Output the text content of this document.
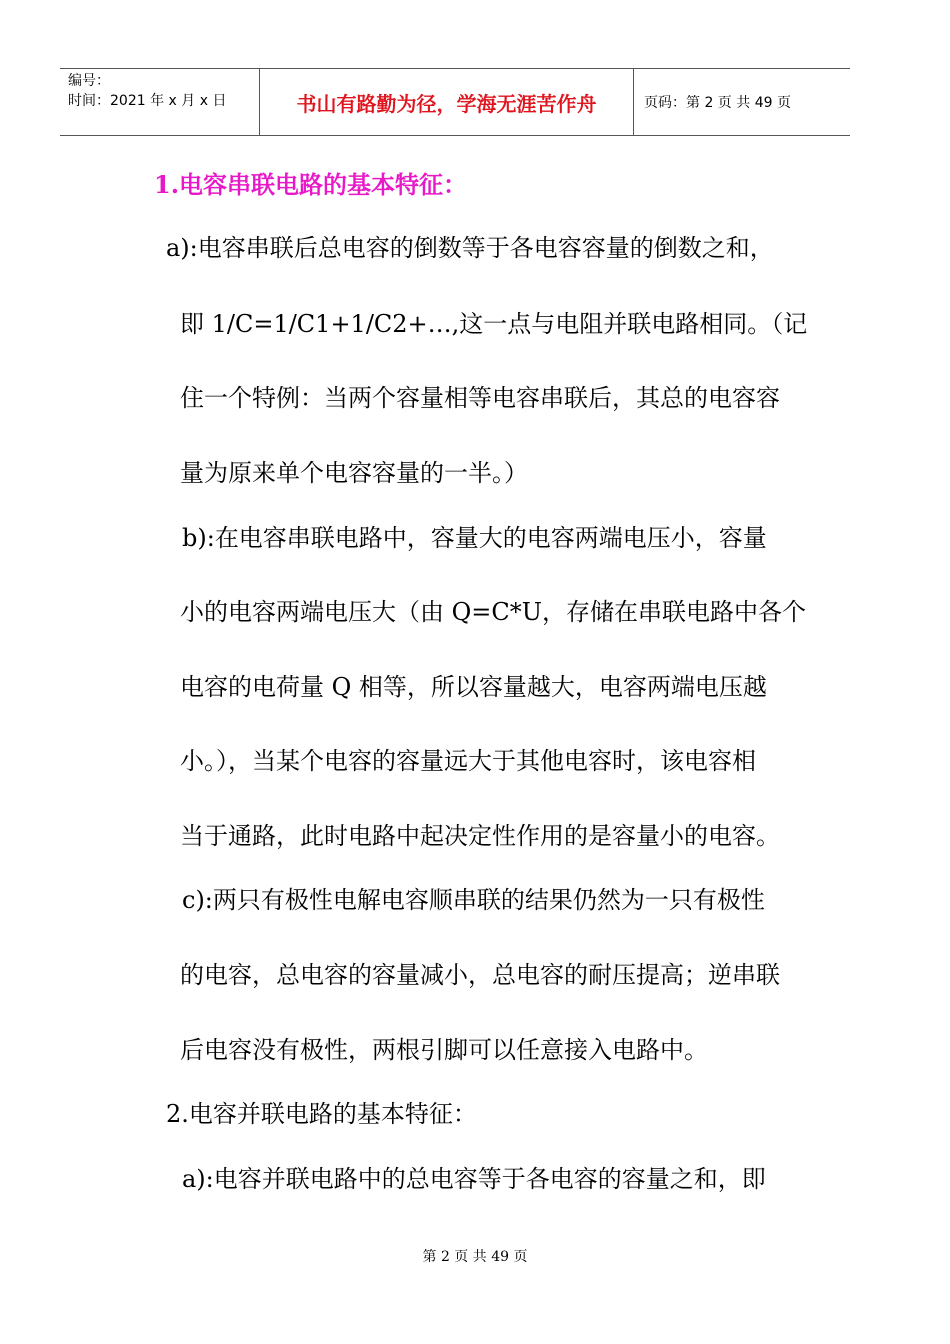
编号：
时间：2021 年 x 月 x 日	书山有路勤为径，学海无涯苦作舟	页码：第 2 页 共 49 页
1.电容串联电路的基本特征：
a):电容串联后总电容的倒数等于各电容容量的倒数之和，
即 1/C=1/C1+1/C2+…,这一点与电阻并联电路相同。（记
住一个特例：当两个容量相等电容串联后，其总的电容容
量为原来单个电容容量的一半。）
b):在电容串联电路中，容量大的电容两端电压小，容量
小的电容两端电压大（由 Q=C*U，存储在串联电路中各个
电容的电荷量 Q 相等，所以容量越大，电容两端电压越
小。），当某个电容的容量远大于其他电容时，该电容相
当于通路，此时电路中起决定性作用的是容量小的电容。
c):两只有极性电解电容顺串联的结果仍然为一只有极性
的电容，总电容的容量减小，总电容的耐压提高；逆串联
后电容没有极性，两根引脚可以任意接入电路中。
2.电容并联电路的基本特征：
a):电容并联电路中的总电容等于各电容的容量之和，即
第 2 页 共 49 页
